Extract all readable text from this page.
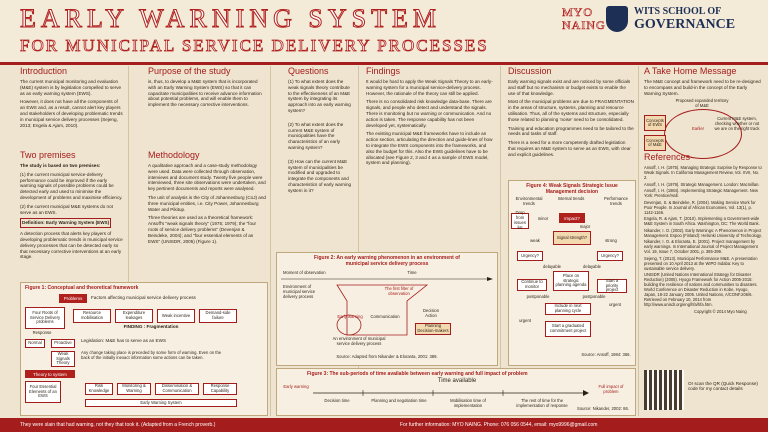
EARLY WARNING SYSTEM
FOR MUNICIPAL SERVICE DELIVERY PROCESSES
MYO
NAING
WITS SCHOOL OF
GOVERNANCE
Introduction

The current municipal monitoring and evaluation (M&E) system is by legislation compelled to serve as an early warning system (EWS).

However, it does not have all the components of an EWS and, as a result, cannot alert key players and stakeholders of developing problematic trends in municipal service delivery processes (Sejeng, 2013; Engela & Ajam, 2010).

Two premises

The study is based on two premises:

(1) the current municipal service-delivery performance could be improved if the early warning signals of possible problems could be detected early and used to minimise the development of problems and maximise efficiency.

(2) the current municipal M&E systems do not serve as an EWS.

Definition: Early Warning System (EWS)

A detection process that alerts key players of developing problematic trends in municipal service delivery processes that can be detected early so that necessary corrective interventions at an early stage.

Purpose of the study

is, thus, to develop a M&E system that is incorporated with an Early Warning System (EWS) so that it can capacitate municipalities to receive advance information about potential problems, and will enable them to implement the necessary corrective interventions.

Methodology

A qualitative approach and a case-study methodology were used. Data were collected through observation, interviews and document study. Twenty five people were interviewed, three site observations were undertaken, and key pertinent documents and reports were analysed.

The unit of analysis is the City of Johannesburg (CoJ) and three municipal entities, i.e. City Power, Johannesburg Water and Pikitup.

Three theories are used as a theoretical framework: Ansoff's "weak signals theory" (1975; 1979); the "four roots of service delivery problems" (Devenjan & Beindeke, 2004); and "four essential elements of an EWS" (UNISDR, 2005) (Figure 1).

Questions

(1) To what extent does the weak signals theory contribute to the effectiveness of an M&E system by integrating its approach into an early warning system?

(2) To what extent does the current M&E system of municipalities have the characteristics of an early warning system?

(3) How can the current M&E system of municipalities be modified and upgraded to integrate the components and characteristics of early warning system in it?

Findings

It would be hard to apply the Weak Signals Theory to an early-warning system for a municipal service-delivery process. However, the rationale of the theory can still be applied.

There is no consolidated risk knowledge data-base. There are signals, and people who detect and understand the signals. There is monitoring but no warning or communication. And no action is taken. The response capability has not been developed yet, systematically.

The existing municipal M&E frameworks have to include an action section, articulating the direction and guide-lines of how to integrate the EWS components into the frameworks, and also the budget for this. Also the EWS guidelines have to be allocated (see Figure 2, 3 and 4 as a sample of EWS model, system and planning).

Discussion

Early warning signals exist and are noticed by some officials and staff but no mechanism or budget exists to enable the use of that knowledge.

Most of the municipal problems are due to FRAGMENTATION in the areas of structure, systems, planning and resource utilisation. Thus, all of the systems and structure, especially those related to planning 'noise' need to be consolidated.

Training and education programmes need to be tailored to the needs and tasks of staff.

There is a need for a more competently drafted legislation that requires an M&E system to serve as an EWS, with clear and explicit guidelines.

A Take Home Message

The M&E concept and framework need to be re-designed to encompass and build-in the concept of the Early Warning System.

Proposed expanded territory of M&E
Concepts of EWS
Concepts of M&E
Earlier
Current M&E system, checking whether or not we are on the right track
References

Ansoff, I. H. (1975). Managing Strategic Surprise by Response to Weak Signals. In California Management Review, Vol. XVII, No. 2.

Ansoff, I. H. (1979). Strategic Management. London: Macmillan.

Ansoff, I. H. (1984). Implementing Strategic Management. New York: Prentice/Hall.

Devenjan, S. & Beindeke, R. (2004). Making Service Work for Poor People. In Journal of African Economies, Vol. 13(1), p. 1142-1166.

Engela, R. & Ajam, T. (2010). Implementing a Government-wide M&E System in South Africa. Washington, DC: The World Bank.

Nikander, I. O. (2002). Early Warnings: A Phenomenon in Project Management. Espoo (Finland): Helsinki University of Technology.

Nikander, I. O. & Eloranta, E. (2001). Project management by early warnings. In International Journal of Project Management Vol. 19, Issue 7, October 2001, p. 385-399.

Sejeng, T. (2013). Municipal Performance M&E. A presentation presented on 10 April 2013 at the WIPO Indaba: Key to sustainable service delivery.

UNISDR (United Nations International Strategy for Disaster Reduction) (2005). Hyogo Framework for Action 2005-2015: building the resilience of nations and communities to disasters. World Conference on Disaster Reduction in Kobe, Hyogo, Japan, 18-22 January 2005. United Nations, A/CONF.206/6. Retrieved on February 10, 2014 from http://www.unisdr.org/eng/hfa/hfa.htm.

Copyright © 2014 Myo Naing

Figure 1: Conceptual and theoretical framework
Problems	Factors affecting municipal service delivery process
Four Roots of Service Delivery problems
Resource mobilisation
Expenditure leakages	Weak incentive	Demand-side failure
FINDING : Fragmentation
Response
Normal	Proactive
Weak Signals Theory
Legislation: M&E has to serve as an EWS
Any change taking place is preceded by some form of warning. Even on the back of the initially inexact information some actions can be taken.
Theory to system
Four Essential Elements of an EWS
Risk Knowledge
Monitoring & Warning
Dissemination & Communication
Response Capability
Early Warning System
Figure 2: An early warning phenomenon in an environment of municipal service delivery process
Moment of observation	Time
Environment of municipal service delivery process
The first filter of observation
Early warning	Communication
Decision Action
Planning Decision-makers
An environment of municipal service delivery process
Source: Adapted from Nikander & Eloranta, 2001: 389.
Figure 3: The sub-periods of time available between early warning and full impact of problem
Time available
Early warning	Full impact of problem
Decision time	Planning and negotiation time	Mobilisation time of implementation
The rest of time for the implementation of response
Source: Nikander, 2002: 86.
Figure 4: Weak Signals Strategic Issue Management decision
Environmental trends
Internal trends	Performance trends
Drop from issues list
Impact?
minor
major
Signal strength?
weak	strong
Urgency?	Urgency?
delayable	delayable
Place on strategic planning agenda
Continue to monitor
Start a priority project
postponable	postponable
Include in next planning cycle
urgent
urgent
Start a graduated commitment project
Source: Ansoff, 1984: 366.
Or scan the QR (Quick Response) code for my contact details
They were slain that had warning, not they that took it. (Adapted from a French proverb.)	For further information: MYO NAING. Phone: 076 056 0544, email: myo9996@gmail.com
